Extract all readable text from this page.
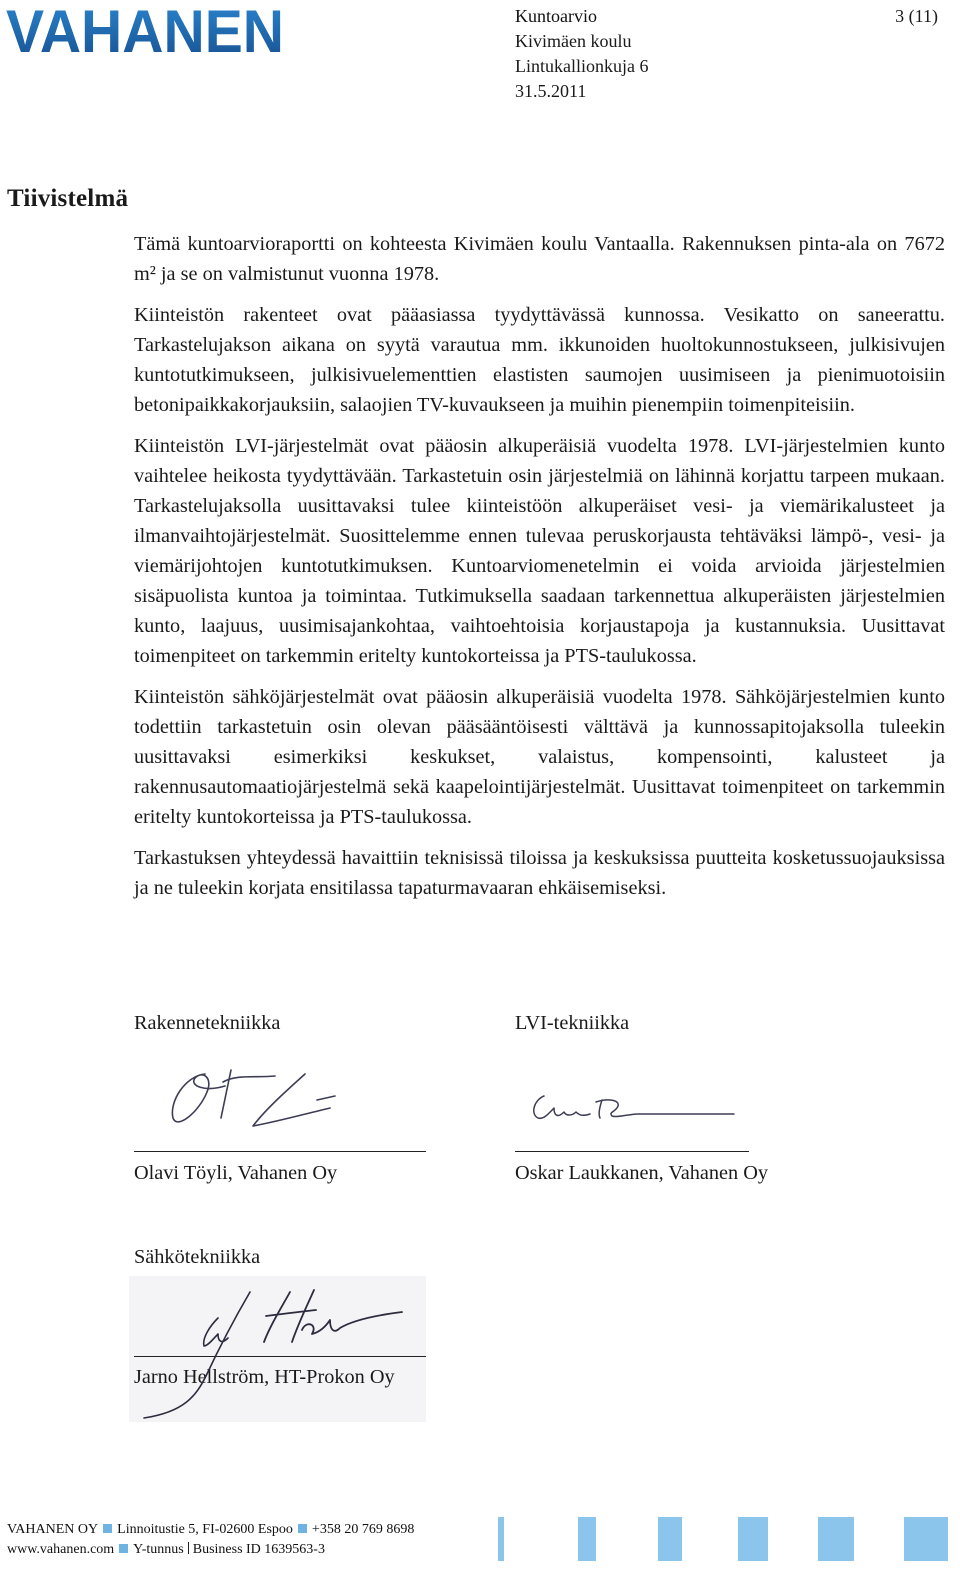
VAHANEN	Kuntoarvio
Kivimäen koulu
Lintukallionkuja 6
31.5.2011
3 (11)
Tiivistelmä

Tämä kuntoarvioraportti on kohteesta Kivimäen koulu Vantaalla. Rakennuksen pinta-ala on 7672 m² ja se on valmistunut vuonna 1978.

Kiinteistön rakenteet ovat pääasiassa tyydyttävässä kunnossa. Vesikatto on saneerattu. Tarkastelujakson aikana on syytä varautua mm. ikkunoiden huoltokunnostukseen, julkisivujen kuntotutkimukseen, julkisivuelementtien elastisten saumojen uusimiseen ja pienimuotoisiin betonipaikkakorjauksiin, salaojien TV-kuvaukseen ja muihin pienempiin toimenpiteisiin.

Kiinteistön LVI-järjestelmät ovat pääosin alkuperäisiä vuodelta 1978. LVI-järjestelmien kunto vaihtelee heikosta tyydyttävään. Tarkastetuin osin järjestelmiä on lähinnä korjattu tarpeen mukaan. Tarkastelujaksolla uusittavaksi tulee kiinteistöön alkuperäiset vesi- ja viemärikalusteet ja ilmanvaihtojärjestelmät. Suosittelemme ennen tulevaa peruskorjausta tehtäväksi lämpö-, vesi- ja viemärijohtojen kuntotutkimuksen. Kuntoarviomenetelmin ei voida arvioida järjestelmien sisäpuolista kuntoa ja toimintaa. Tutkimuksella saadaan tarkennettua alkuperäisten järjestelmien kunto, laajuus, uusimisajankohtaa, vaihtoehtoisia korjaustapoja ja kustannuksia. Uusittavat toimenpiteet on tarkemmin eritelty kuntokorteissa ja PTS-taulukossa.

Kiinteistön sähköjärjestelmät ovat pääosin alkuperäisiä vuodelta 1978. Sähköjärjestelmien kunto todettiin tarkastetuin osin olevan pääsääntöisesti välttävä ja kunnossapitojaksolla tuleekin uusittavaksi esimerkiksi keskukset, valaistus, kompensointi, kalusteet ja rakennusautomaatiojärjestelmä sekä kaapelointijärjestelmät. Uusittavat toimenpiteet on tarkemmin eritelty kuntokorteissa ja PTS-taulukossa.

Tarkastuksen yhteydessä havaittiin teknisissä tiloissa ja keskuksissa puutteita kosketussuojauksissa ja ne tuleekin korjata ensitilassa tapaturmavaaran ehkäisemiseksi.

Rakennetekniikka
Olavi Töyli, Vahanen Oy
LVI-tekniikka
Oskar Laukkanen, Vahanen Oy
Sähkötekniikka
Jarno Hellström, HT-Prokon Oy
VAHANEN OY Linnoitustie 5, FI-02600 Espoo +358 20 769 8698
www.vahanen.com Y-tunnus Business ID 1639563-3
